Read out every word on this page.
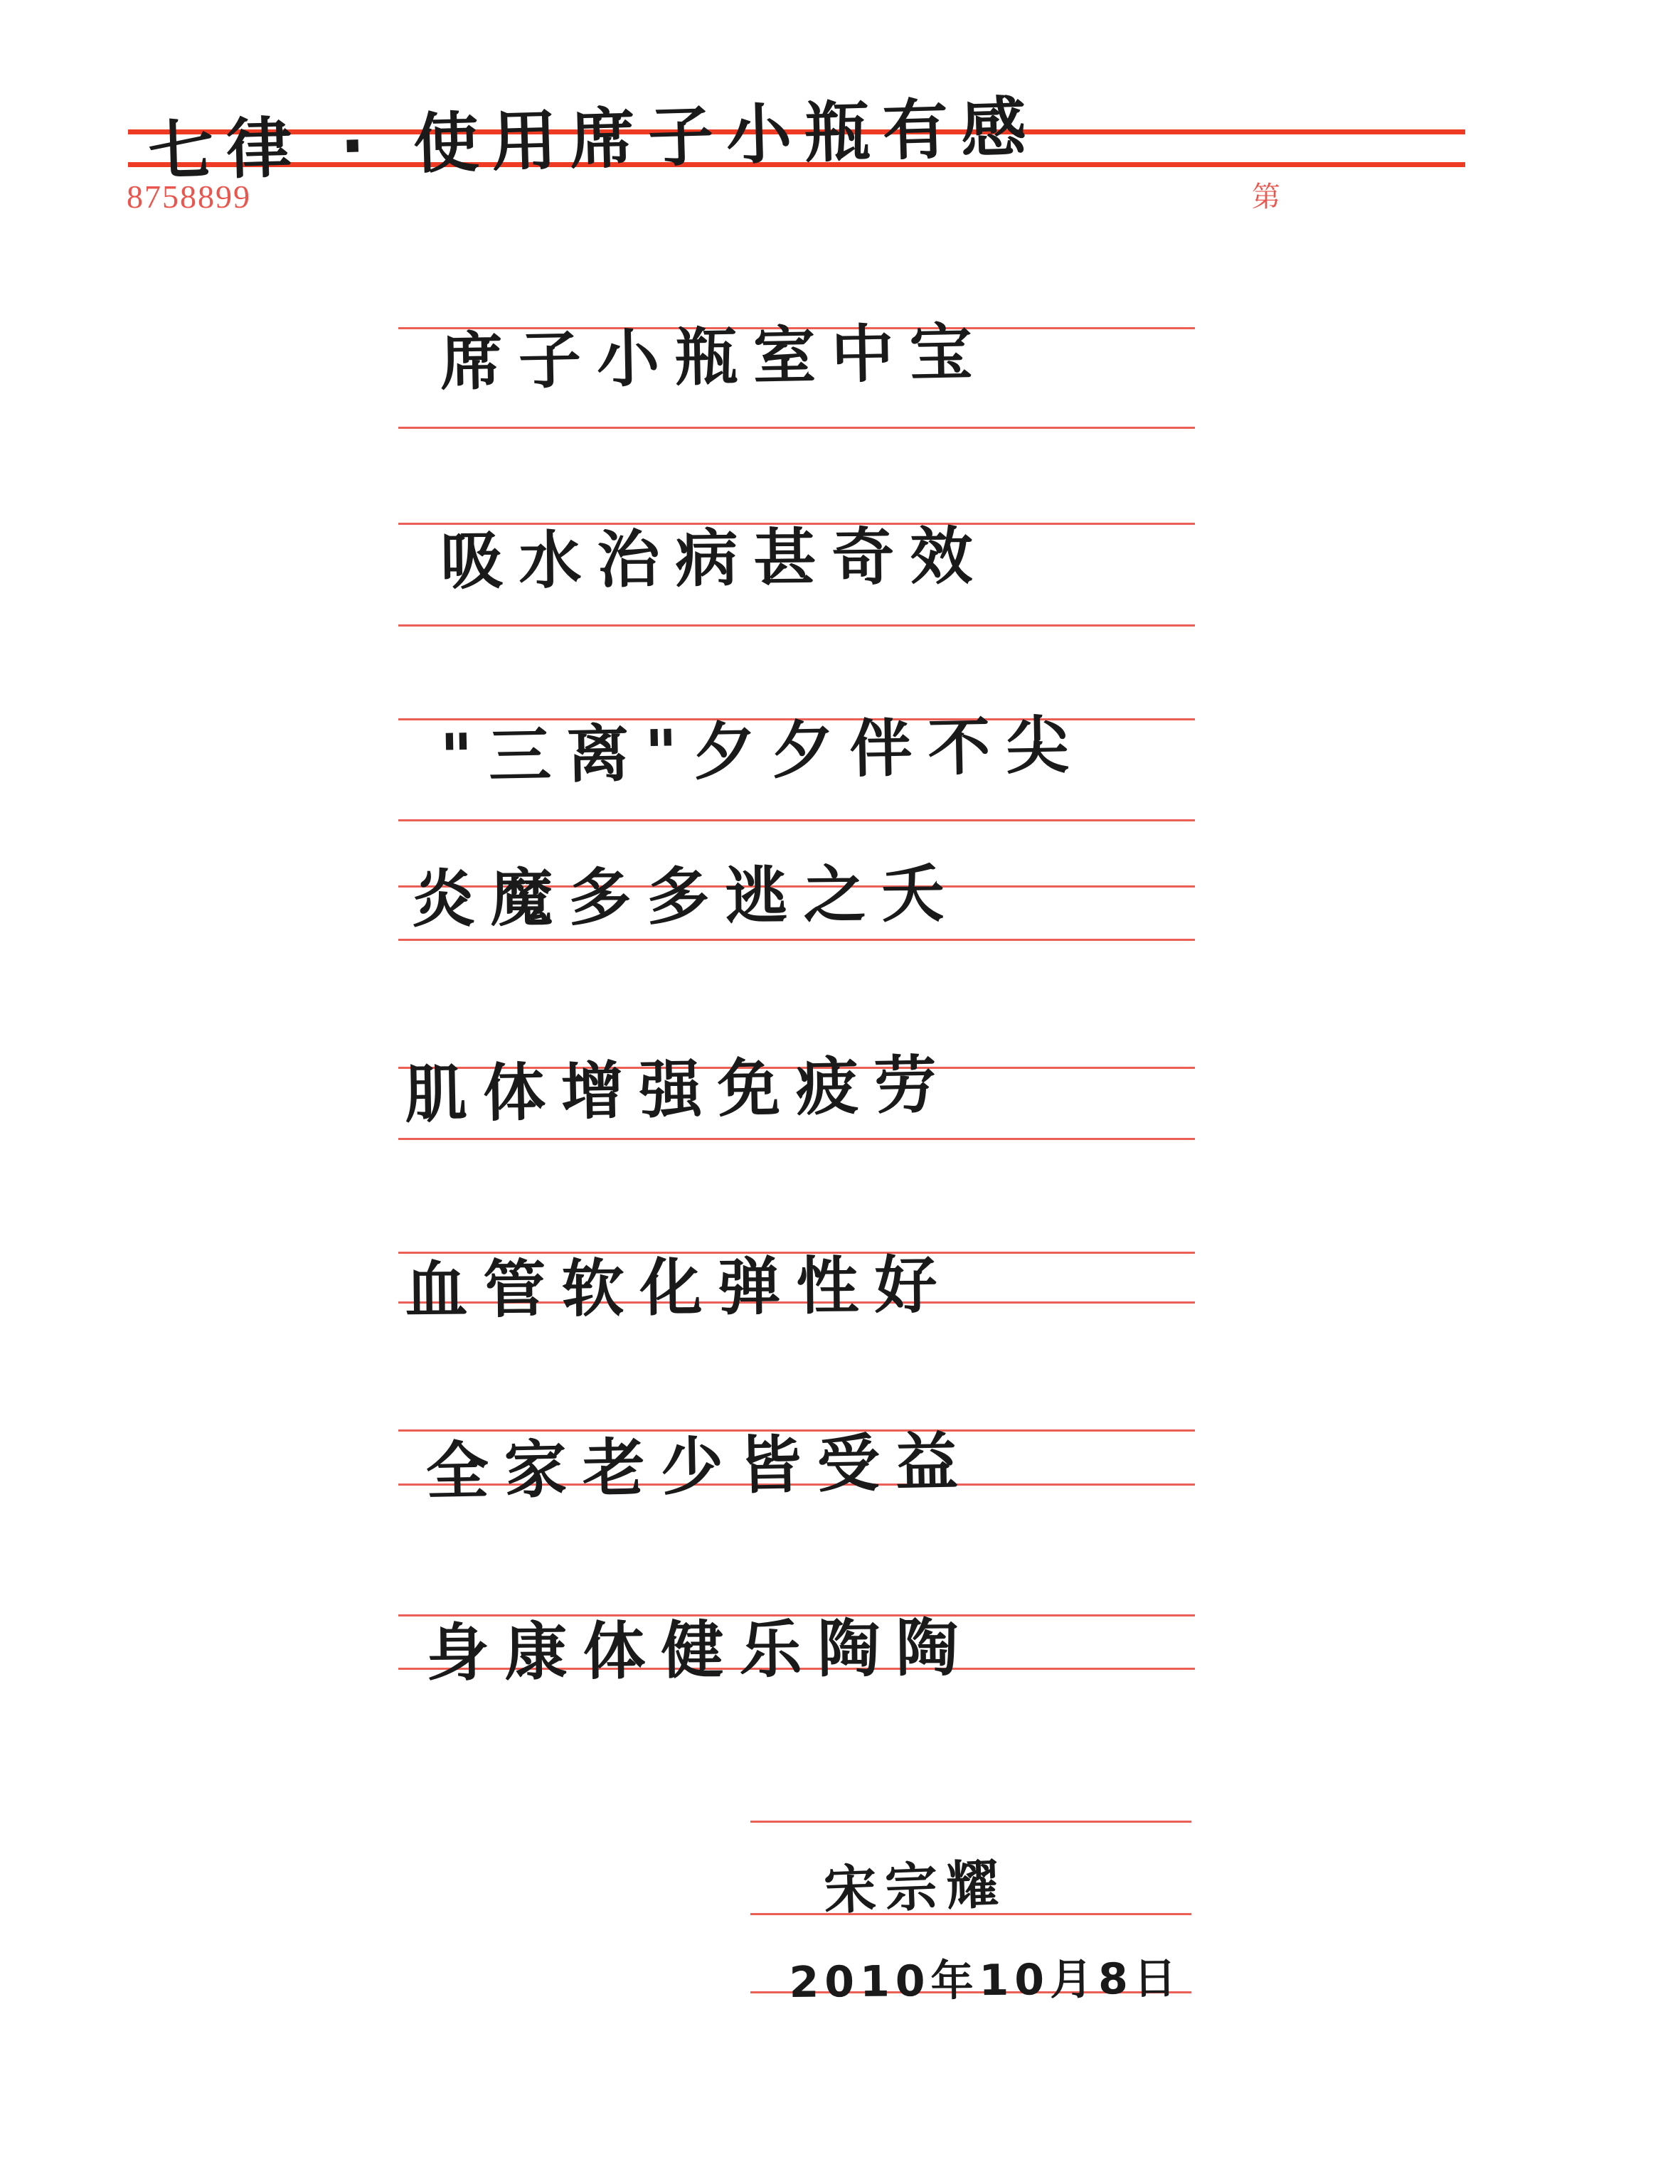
8758899	第
七律 · 使用席子小瓶有感
席子小瓶室中宝
吸水治病甚奇效
"三离"夕夕伴不尖
炎魔多多逃之夭
肌体增强免疲劳
血管软化弹性好
全家老少皆受益
身康体健乐陶陶
宋宗耀
2010年10月8日
